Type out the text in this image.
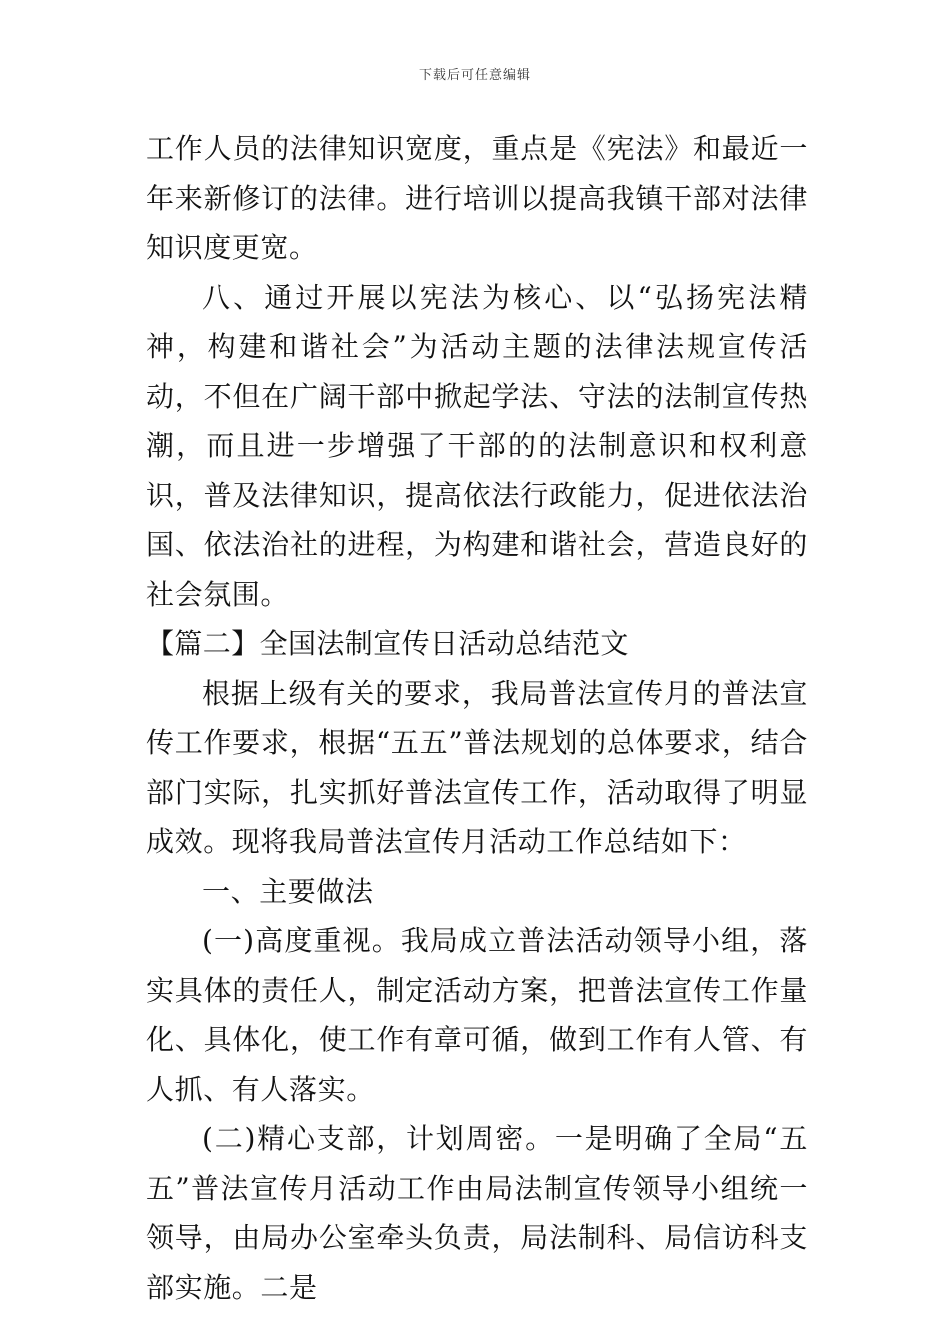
下载后可任意编辑

工作人员的法律知识宽度，重点是《宪法》和最近一年来新修订的法律。进行培训以提高我镇干部对法律知识度更宽。

八、通过开展以宪法为核心、以“弘扬宪法精神，构建和谐社会”为活动主题的法律法规宣传活动，不但在广阔干部中掀起学法、守法的法制宣传热潮，而且进一步增强了干部的的法制意识和权利意识，普及法律知识，提高依法行政能力，促进依法治国、依法治社的进程，为构建和谐社会，营造良好的社会氛围。

【篇二】全国法制宣传日活动总结范文

根据上级有关的要求，我局普法宣传月的普法宣传工作要求，根据“五五”普法规划的总体要求，结合部门实际，扎实抓好普法宣传工作，活动取得了明显成效。现将我局普法宣传月活动工作总结如下：

一、主要做法

(一)高度重视。我局成立普法活动领导小组，落实具体的责任人，制定活动方案，把普法宣传工作量化、具体化，使工作有章可循，做到工作有人管、有人抓、有人落实。

(二)精心支部，计划周密。一是明确了全局“五五”普法宣传月活动工作由局法制宣传领导小组统一领导，由局办公室牵头负责，局法制科、局信访科支部实施。二是
